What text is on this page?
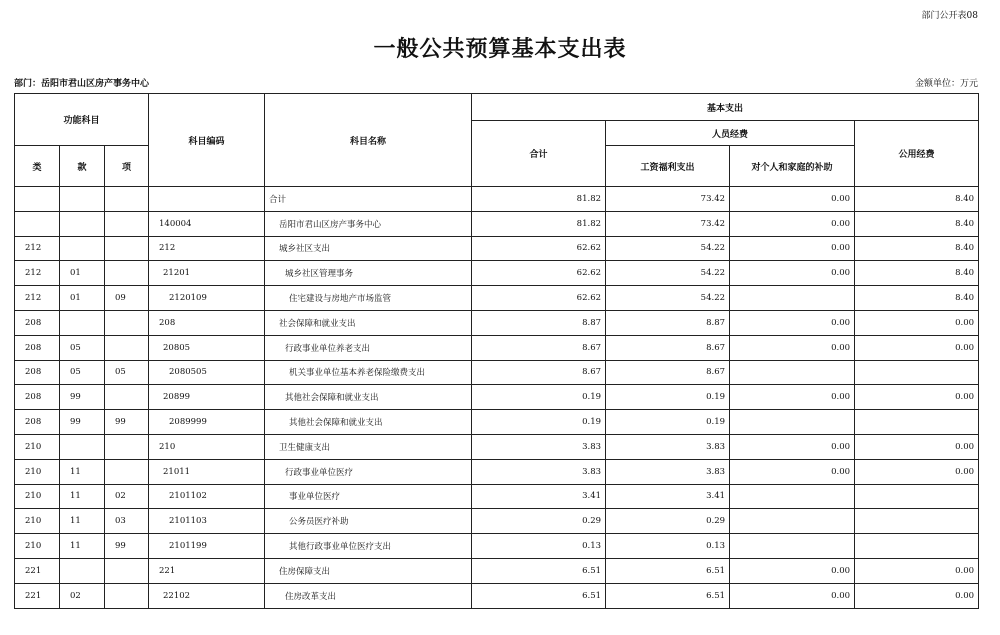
部门公开表08
一般公共预算基本支出表
部门：岳阳市君山区房产事务中心	金额单位：万元
功能科目			科目编码	科目名称	基本支出			
					合计	人员经费		公用经费
类	款	项				工资福利支出	对个人和家庭的补助	
				合计	81.82	73.42	0.00	8.40
			140004	岳阳市君山区房产事务中心	81.82	73.42	0.00	8.40
212			212	城乡社区支出	62.62	54.22	0.00	8.40
212	01		21201	城乡社区管理事务	62.62	54.22	0.00	8.40
212	01	09	2120109	住宅建设与房地产市场监管	62.62	54.22		8.40
208			208	社会保障和就业支出	8.87	8.87	0.00	0.00
208	05		20805	行政事业单位养老支出	8.67	8.67	0.00	0.00
208	05	05	2080505	机关事业单位基本养老保险缴费支出	8.67	8.67		
208	99		20899	其他社会保障和就业支出	0.19	0.19	0.00	0.00
208	99	99	2089999	其他社会保障和就业支出	0.19	0.19		
210			210	卫生健康支出	3.83	3.83	0.00	0.00
210	11		21011	行政事业单位医疗	3.83	3.83	0.00	0.00
210	11	02	2101102	事业单位医疗	3.41	3.41		
210	11	03	2101103	公务员医疗补助	0.29	0.29		
210	11	99	2101199	其他行政事业单位医疗支出	0.13	0.13		
221			221	住房保障支出	6.51	6.51	0.00	0.00
221	02		22102	住房改革支出	6.51	6.51	0.00	0.00
